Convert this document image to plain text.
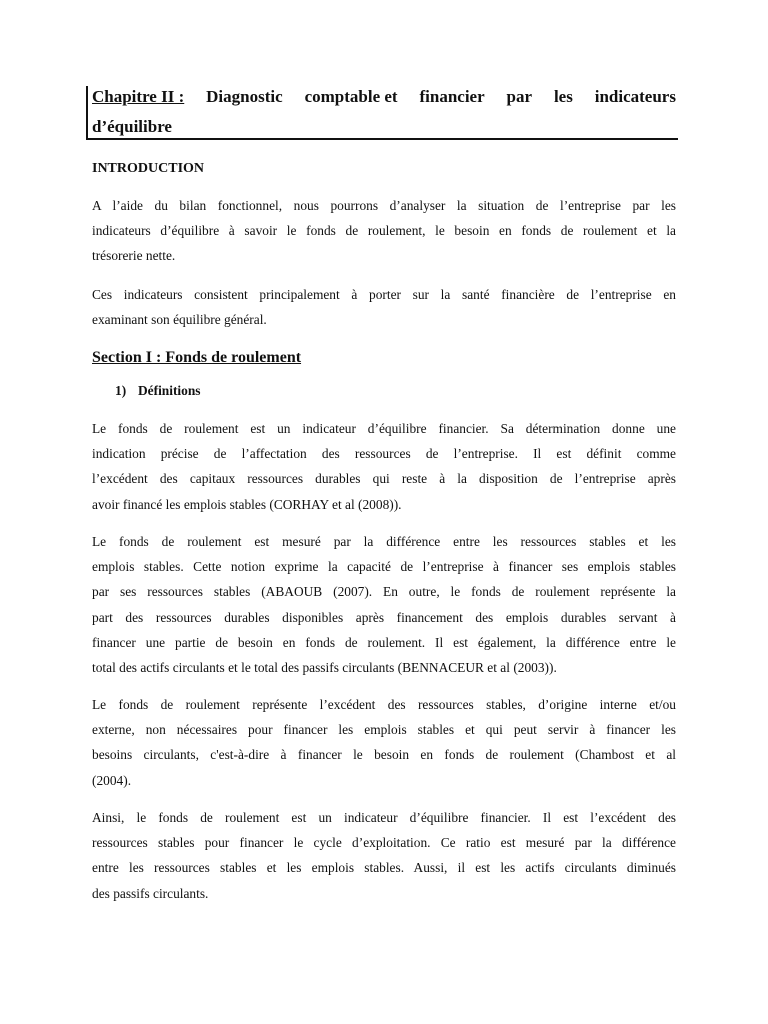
Chapitre II : Diagnostic comptable et financier par les indicateurs
d’équilibre
INTRODUCTION
A l’aide du bilan fonctionnel, nous pourrons d’analyser la situation de l’entreprise par les
indicateurs d’équilibre à savoir le fonds de roulement, le besoin en fonds de roulement et la
trésorerie nette.
Ces indicateurs consistent principalement à porter sur la santé financière de l’entreprise en
examinant son équilibre général.
Section I : Fonds de roulement
1) Définitions
Le fonds de roulement est un indicateur d’équilibre financier. Sa détermination donne une
indication précise de l’affectation des ressources de l’entreprise. Il est définit comme
l’excédent des capitaux ressources durables qui reste à la disposition de l’entreprise après
avoir financé les emplois stables (CORHAY et al (2008)).
Le fonds de roulement est mesuré par la différence entre les ressources stables et les
emplois stables. Cette notion exprime la capacité de l’entreprise à financer ses emplois stables
par ses ressources stables (ABAOUB (2007). En outre, le fonds de roulement représente la
part des ressources durables disponibles après financement des emplois durables servant à
financer une partie de besoin en fonds de roulement. Il est également, la différence entre le
total des actifs circulants et le total des passifs circulants (BENNACEUR et al (2003)).
Le fonds de roulement représente l’excédent des ressources stables, d’origine interne et/ou
externe, non nécessaires pour financer les emplois stables et qui peut servir à financer les
besoins circulants, c'est-à-dire à financer le besoin en fonds de roulement (Chambost et al
(2004).
Ainsi, le fonds de roulement est un indicateur d’équilibre financier. Il est l’excédent des
ressources stables pour financer le cycle d’exploitation. Ce ratio est mesuré par la différence
entre les ressources stables et les emplois stables. Aussi, il est les actifs circulants diminués
des passifs circulants.
